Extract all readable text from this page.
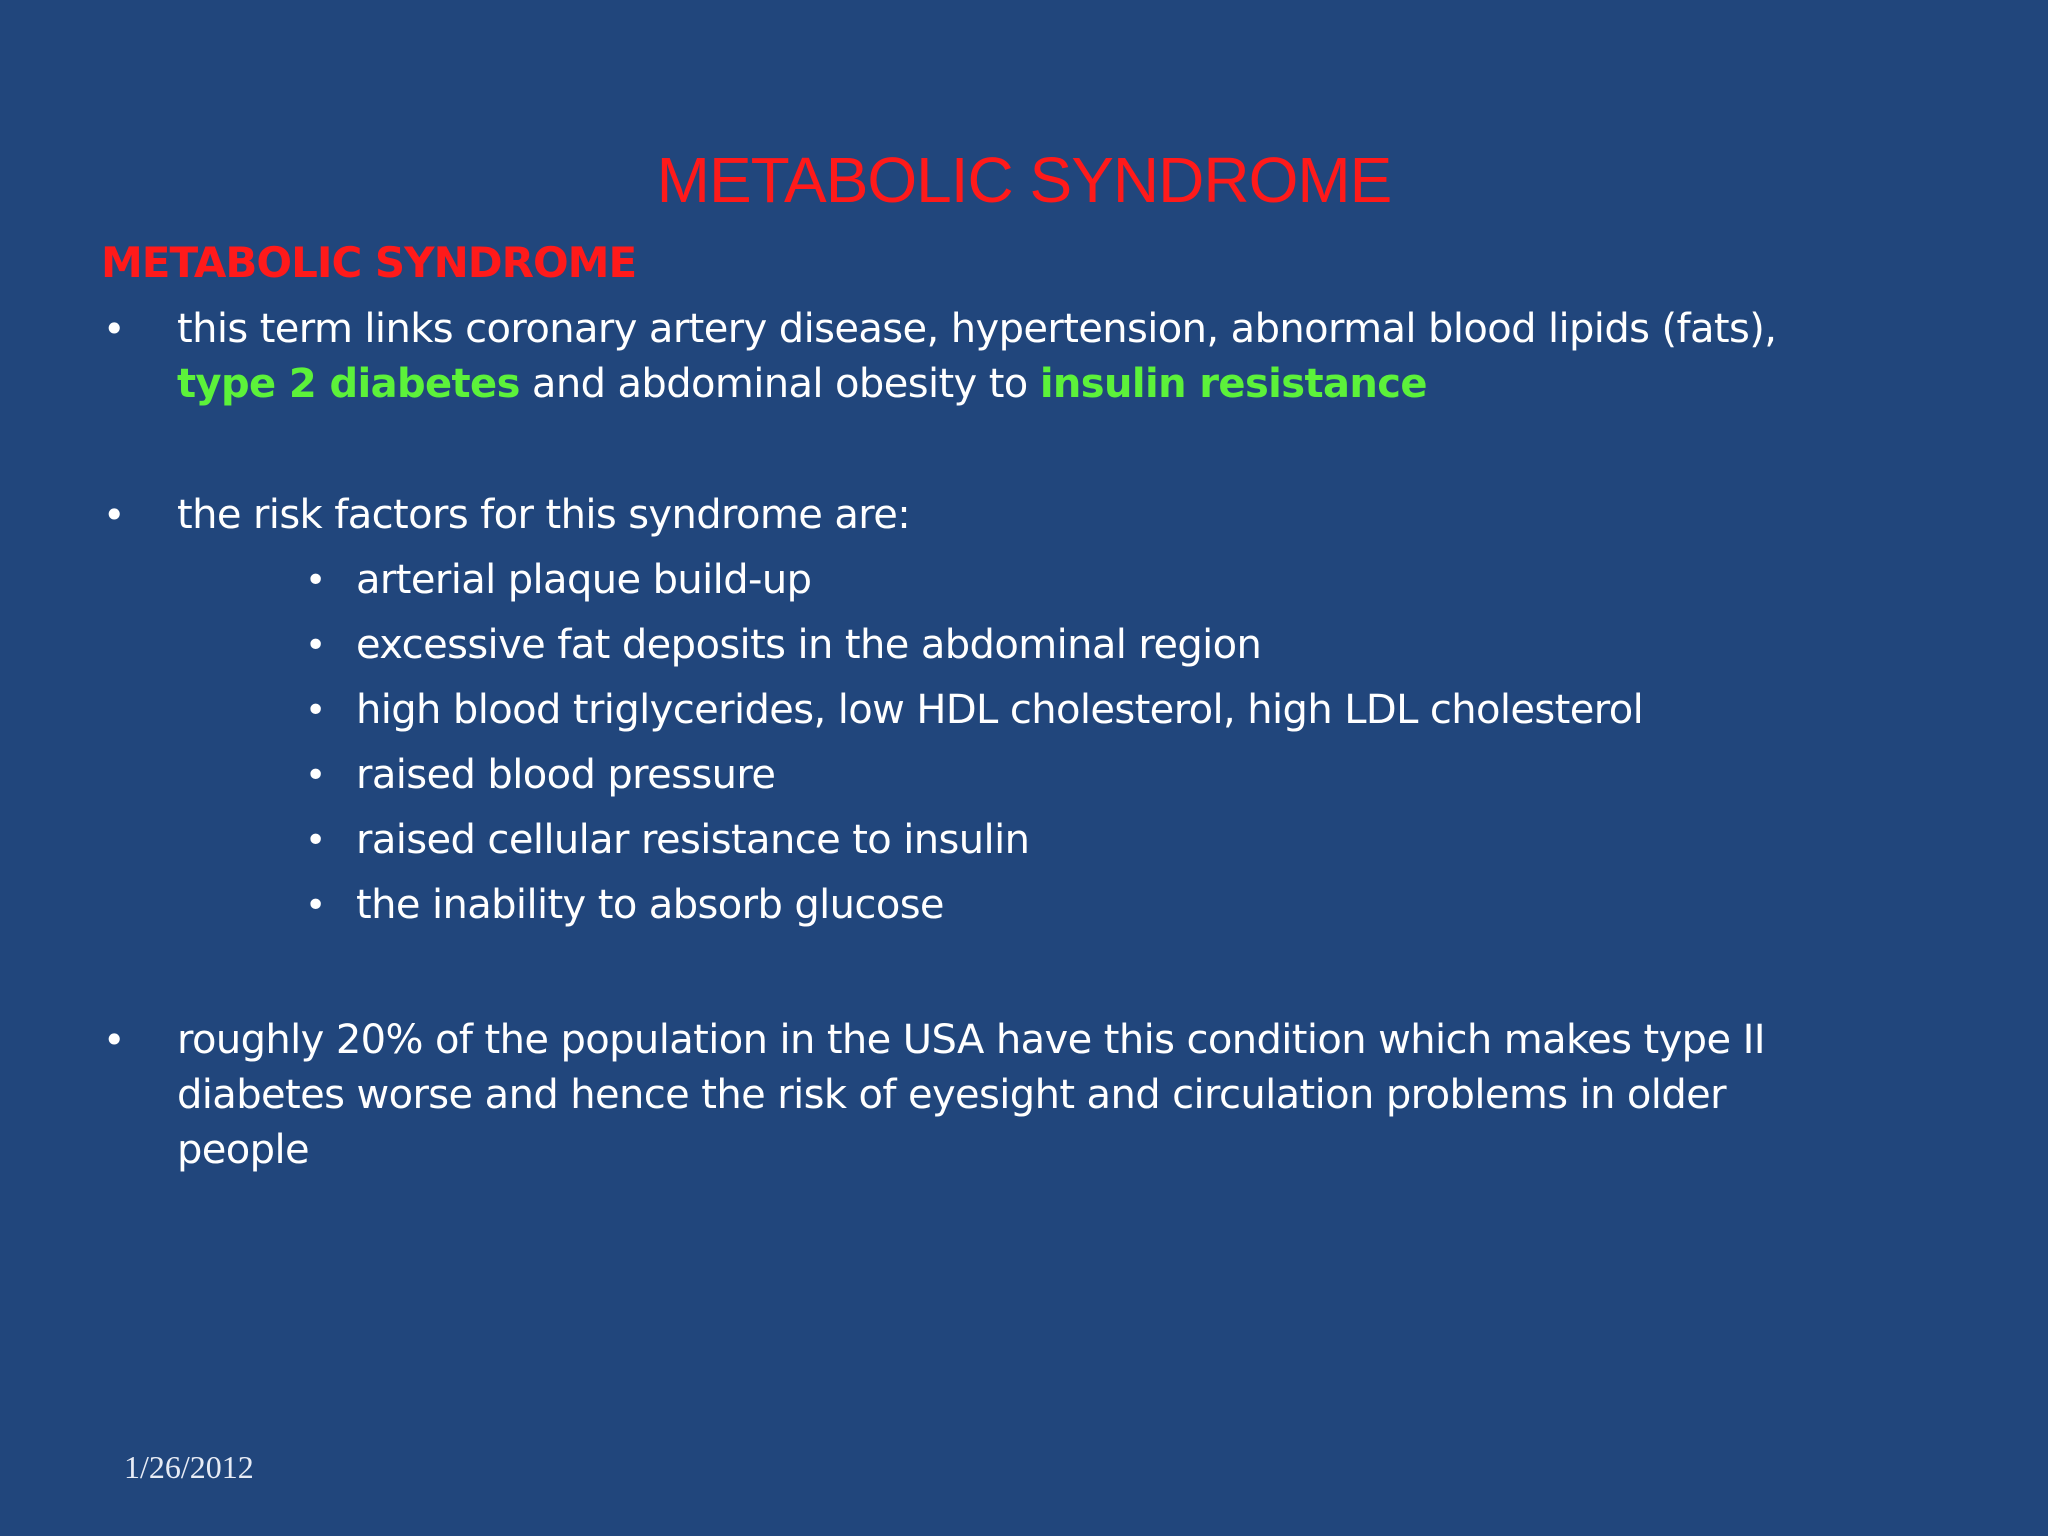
METABOLIC SYNDROME
METABOLIC SYNDROME
• this term links coronary artery disease, hypertension, abnormal blood lipids (fats),
type 2 diabetes and abdominal obesity to insulin resistance
• the risk factors for this syndrome are:
• arterial plaque build-up
• excessive fat deposits in the abdominal region
• high blood triglycerides, low HDL cholesterol, high LDL cholesterol
• raised blood pressure
• raised cellular resistance to insulin
• the inability to absorb glucose
• roughly 20% of the population in the USA have this condition which makes type II
diabetes worse and hence the risk of eyesight and circulation problems in older
people
1/26/2012
